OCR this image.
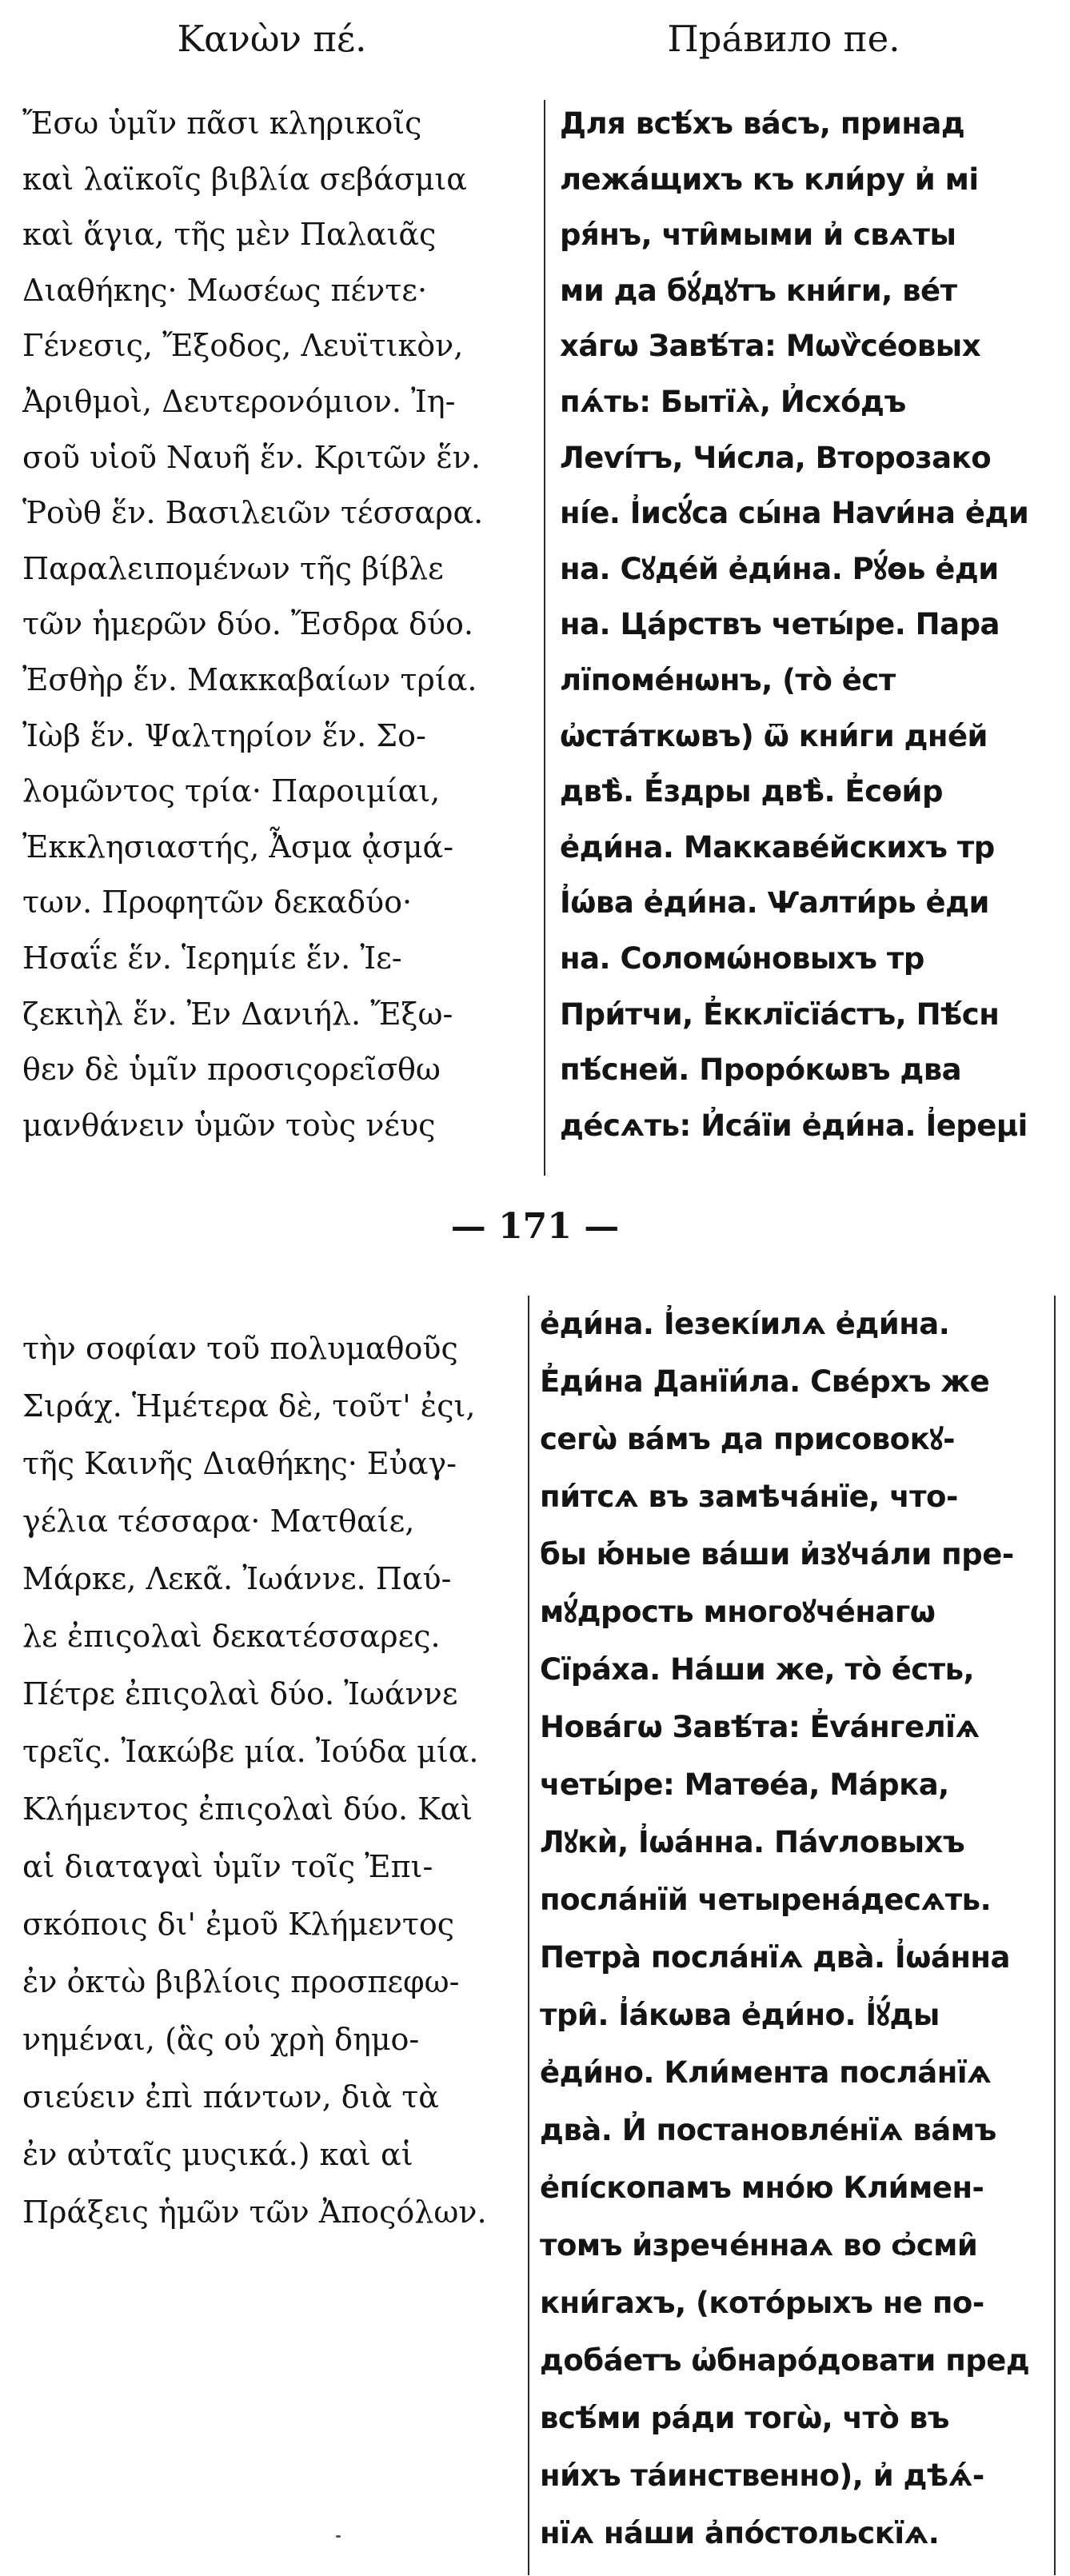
Κανὼν πέ.	Прáвило пе.
Ἔσω ὑμῖν πᾶσι κληρικοῖς
καὶ λαϊκοῖς βιβλία σεβάσμια
καὶ ἅγια, τῆς μὲν Παλαιᾶς
Διαθήκης· Μωσέως πέντε·
Γένεσις, Ἔξοδος, Λευϊτικὸν,
Ἀριθμοὶ, Δευτερονόμιον. Ἰη-
σοῦ υἱοῦ Ναυῆ ἕν. Κριτῶν ἕν.
Ῥοὺθ ἕν. Βασιλειῶν τέσσαρα.
Παραλειπομένων τῆς βίβλε
τῶν ἡμερῶν δύο. Ἔσδρα δύο.
Ἐσθὴρ ἕν. Μακκαβαίων τρία.
Ἰὼβ ἕν. Ψαλτηρίον ἕν. Σο-
λομῶντος τρία· Παροιμίαι,
Ἐκκλησιαστής, Ἆσμα ᾀσμά-
των. Προφητῶν δεκαδύο·
Ησαΐε ἕν. Ἱερημίε ἕν. Ἰε-
ζεκιὴλ ἕν. Ἐν Δανιήλ. Ἔξω-
θεν δὲ ὑμῖν προσιςορεῖσθω
μανθάνειν ὑμῶν τοὺς νέυς
Для всѣ́хъ ва́съ, принад
лежа́щихъ къ кли́ру и҆ мі
ря́нъ, чти̑мыми и҆ свѧты
ми да бꙋ́дꙋтъ кни́ги, ве́т
ха́гѡ Завѣ́та: Мѡѷсе́овых
пѧ́ть: Бытїѧ̀, И҆схо́дъ
Леѵі́тъ, Чи́сла, Второзако
ні́е. І҆исꙋ́са сы́на Наѵи́на е҆ди
на. Сꙋде́й е҆ди́на. Рꙋ́ѳь е҆ди
на. Ца́рствъ четы́ре. Пара
лїпоме́нѡнъ, (то̀ е҆ст
ѡ҆ста́ткѡвъ) ѿ кни́ги дне́й
двѣ̀. Е҆́здры двѣ̀. Е҆сѳи́р
е҆ди́на. Маккаве́йскихъ тр
І҆ѡ́ва е҆ди́на. Ѱалти́рь е҆ди
на. Соломѡ́новыхъ тр
При́тчи, Е҆кклїсїа́стъ, Пѣ́сн
пѣ́сней. Проро́кѡвъ два
де́сѧть: И҆са́їи е҆ди́на. І҆ереμі
— 171 —
τὴν σοφίαν τοῦ πολυμαθοῦς
Σιράχ. Ἡμέτερα δὲ, τοῦτ' ἐςι,
τῆς Καινῆς Διαθήκης· Εὐαγ-
γέλια τέσσαρα· Ματθαίε,
Μάρκε, Λεκᾶ. Ἰωάννε. Παύ-
λε ἐπιςολαὶ δεκατέσσαρες.
Πέτρε ἐπιςολαὶ δύο. Ἰωάννε
τρεῖς. Ἰακώβε μία. Ἰούδα μία.
Κλήμεντος ἐπιςολαὶ δύο. Καὶ
αἱ διαταγαὶ ὑμῖν τοῖς Ἐπι-
σκόποις δι' ἐμοῦ Κλήμεντος
ἐν ὀκτὼ βιβλίοις προσπεφω-
νημέναι, (ἃς οὐ χρὴ δημο-
σιεύειν ἐπὶ πάντων, διὰ τὰ
ἐν αὐταῖς μυςικά.) καὶ αἱ
Πράξεις ἡμῶν τῶν Ἀποςόλων.
е҆ди́на. І҆езекі́илѧ е҆ди́на.
Е҆ди́на Данїи́ла. Све́рхъ же
сегѡ̀ ва́мъ да присовокꙋ-
пи́тсѧ въ замѣча́нїе, что-
бы ю҆́ные ва́ши и҆зꙋча́ли пре-
мꙋ́дрость многоꙋче́нагѡ
Сїра́ха. На́ши же, то̀ е҆́сть,
Нова́гѡ Завѣ́та: Е҆ѵа́нгелїѧ
четы́ре: Матѳе́а, Ма́рка,
Лꙋкѝ, І҆ѡа́нна. Па́ѵловыхъ
посла́нїй четырена́десѧть.
Петра̀ посла́нїѧ два̀. І҆ѡа́нна
три̑. І҆а́кѡва е҆ди́но. І҆ꙋ́ды
е҆ди́но. Кли́мента посла́нїѧ
два̀. И҆ постановле́нїѧ ва́мъ
е҆пі́скопамъ мно́ю Кли́мен-
томъ и҆зрече́ннаѧ во ѻ҆сми̑
кни́гахъ, (кото́рыхъ не по-
доба́етъ ѡ҆бнаро́довати пред
всѣ́ми ра́ди тогѡ̀, что̀ въ
ни́хъ та́инственно), и҆ дѣѧ́-
нїѧ на́ши а҆по́стольскїѧ.
